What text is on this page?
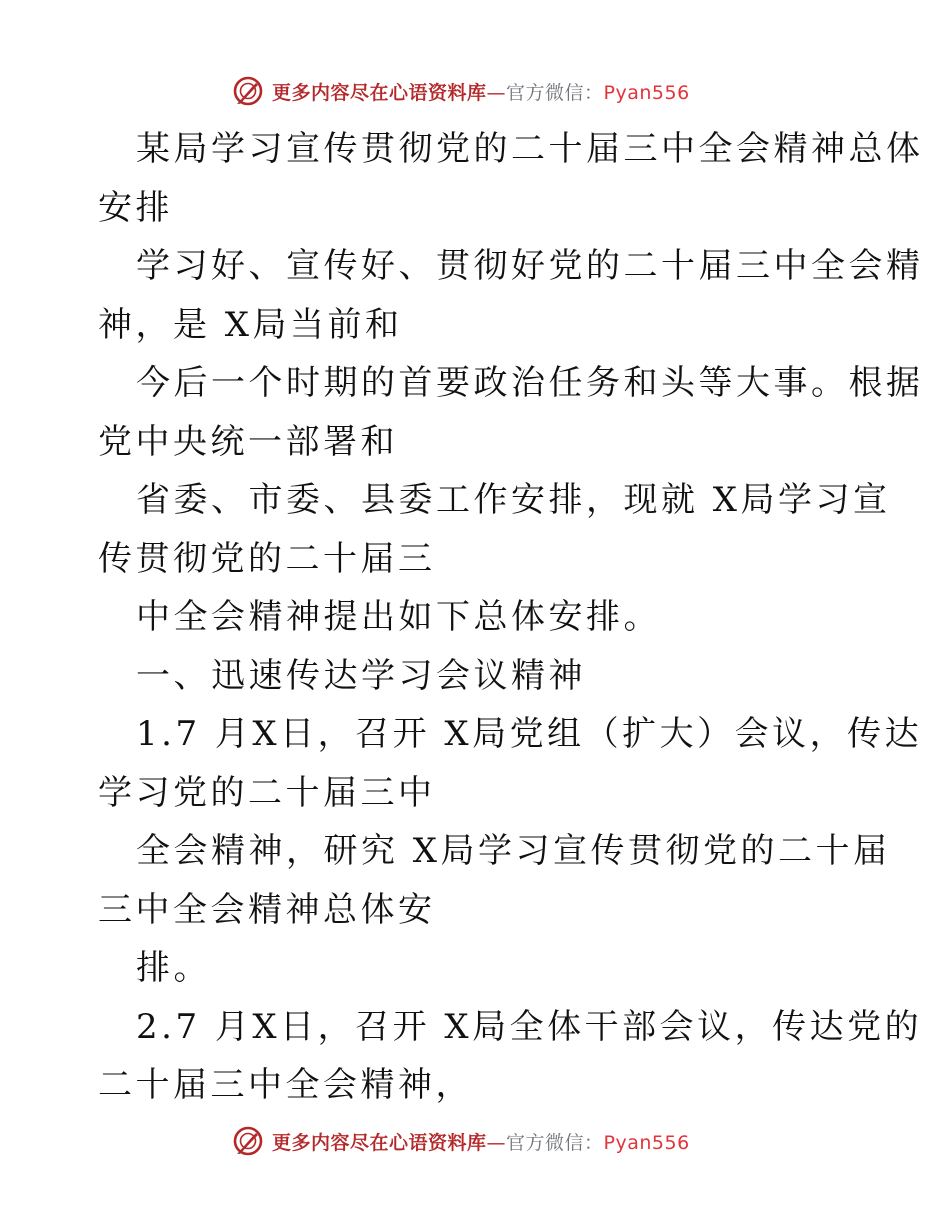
更多内容尽在心语资料库—官方微信：Pyan556
某局学习宣传贯彻党的二十届三中全会精神总体
安排
学习好、宣传好、贯彻好党的二十届三中全会精
神，是 X局当前和
今后一个时期的首要政治任务和头等大事。根据
党中央统一部署和
省委、市委、县委工作安排，现就 X局学习宣
传贯彻党的二十届三
中全会精神提出如下总体安排。
一、迅速传达学习会议精神
1.7 月X日，召开 X局党组（扩大）会议，传达
学习党的二十届三中
全会精神，研究 X局学习宣传贯彻党的二十届
三中全会精神总体安
排。
2.7 月X日，召开 X局全体干部会议，传达党的
二十届三中全会精神，
更多内容尽在心语资料库—官方微信：Pyan556
